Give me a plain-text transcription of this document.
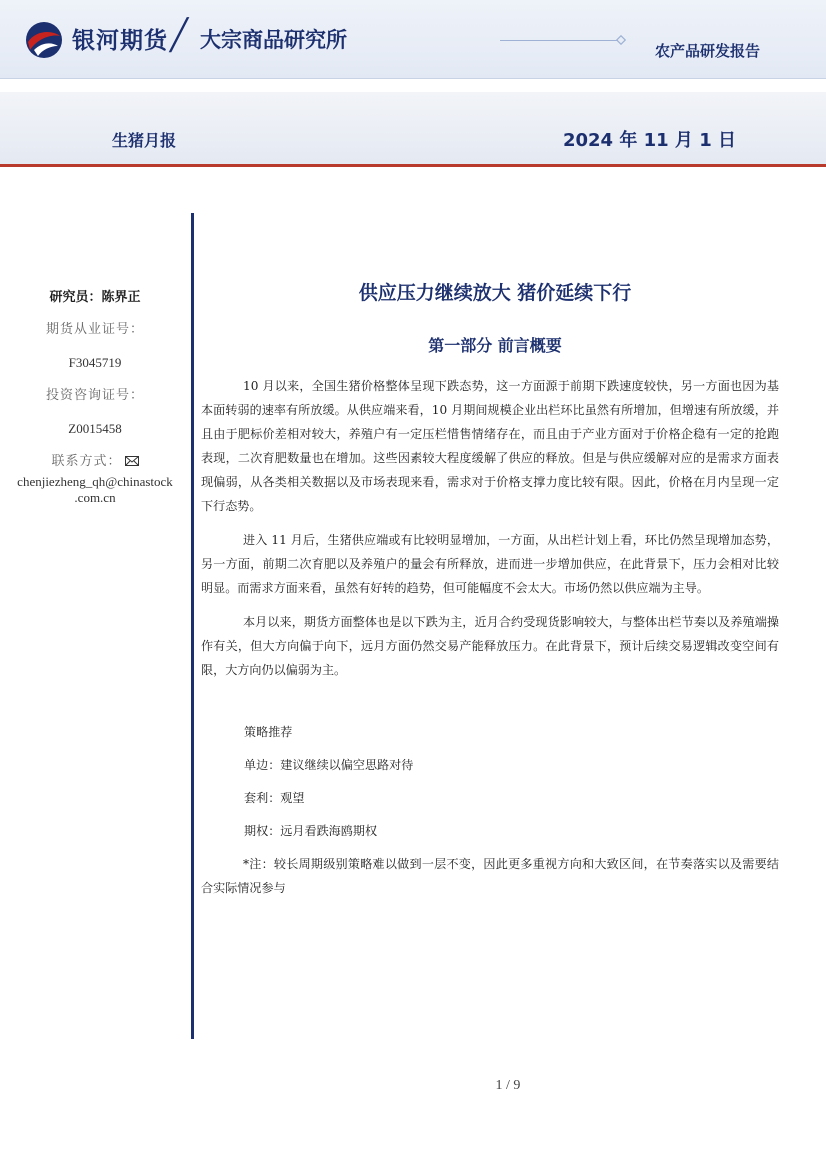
银河期货 ╱ 大宗商品研究所	农产品研发报告
生猪月报	2024 年 11 月 1 日
研究员：陈界正
期货从业证号：
F3045719
投资咨询证号：
Z0015458
联系方式：
chenjiezheng_qh@chinastock
.com.cn
供应压力继续放大 猪价延续下行
第一部分 前言概要

10 月以来，全国生猪价格整体呈现下跌态势，这一方面源于前期下跌速度较快，另一方面也因为基本面转弱的速率有所放缓。从供应端来看，10 月期间规模企业出栏环比虽然有所增加，但增速有所放缓，并且由于肥标价差相对较大，养殖户有一定压栏惜售情绪存在，而且由于产业方面对于价格企稳有一定的抢跑表现，二次育肥数量也在增加。这些因素较大程度缓解了供应的释放。但是与供应缓解对应的是需求方面表现偏弱，从各类相关数据以及市场表现来看，需求对于价格支撑力度比较有限。因此，价格在月内呈现一定下行态势。

进入 11 月后，生猪供应端或有比较明显增加，一方面，从出栏计划上看，环比仍然呈现增加态势，另一方面，前期二次育肥以及养殖户的量会有所释放，进而进一步增加供应，在此背景下，压力会相对比较明显。而需求方面来看，虽然有好转的趋势，但可能幅度不会太大。市场仍然以供应端为主导。

本月以来，期货方面整体也是以下跌为主，近月合约受现货影响较大，与整体出栏节奏以及养殖端操作有关，但大方向偏于向下，远月方面仍然交易产能释放压力。在此背景下，预计后续交易逻辑改变空间有限，大方向仍以偏弱为主。

策略推荐
单边：建议继续以偏空思路对待
套利：观望
期权：远月看跌海鸥期权
*注：较长周期级别策略难以做到一层不变，因此更多重视方向和大致区间，在节奏落实以及需要结合实际情况参与
1 / 9
